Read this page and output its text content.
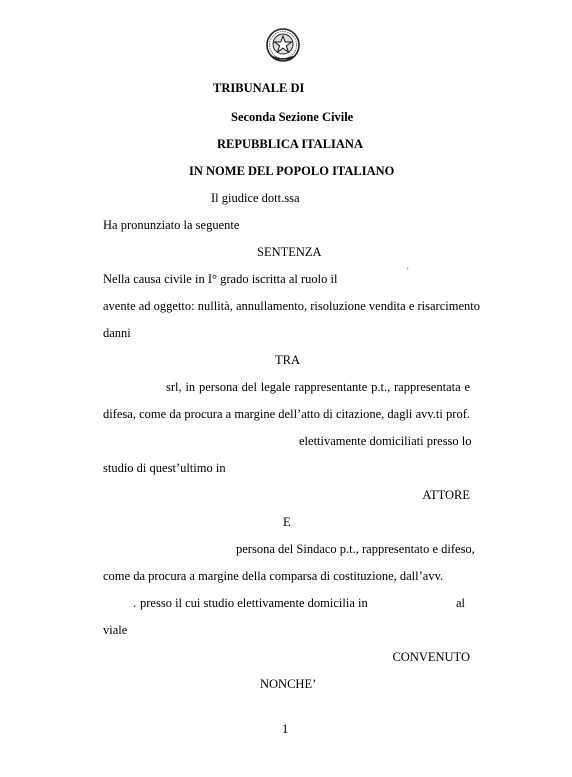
TRIBUNALE DI
Seconda Sezione Civile
REPUBBLICA ITALIANA
IN NOME DEL POPOLO ITALIANO
Il giudice dott.ssa
Ha pronunziato la seguente
SENTENZA
Nella causa civile in I° grado iscritta al ruolo il
'
avente ad oggetto: nullità, annullamento, risoluzione vendita e risarcimento
danni
TRA
srl, in persona del legale rappresentante p.t., rappresentata e
difesa, come da procura a margine dell’atto di citazione, dagli avv.ti prof.
elettivamente domiciliati presso lo
studio di quest’ultimo in
ATTORE
E
persona del Sindaco p.t., rappresentato e difeso,
come da procura a margine della comparsa di costituzione, dall’avv.
. presso il cui studio elettivamente domicilia in	al
viale
CONVENUTO
NONCHE’
1
